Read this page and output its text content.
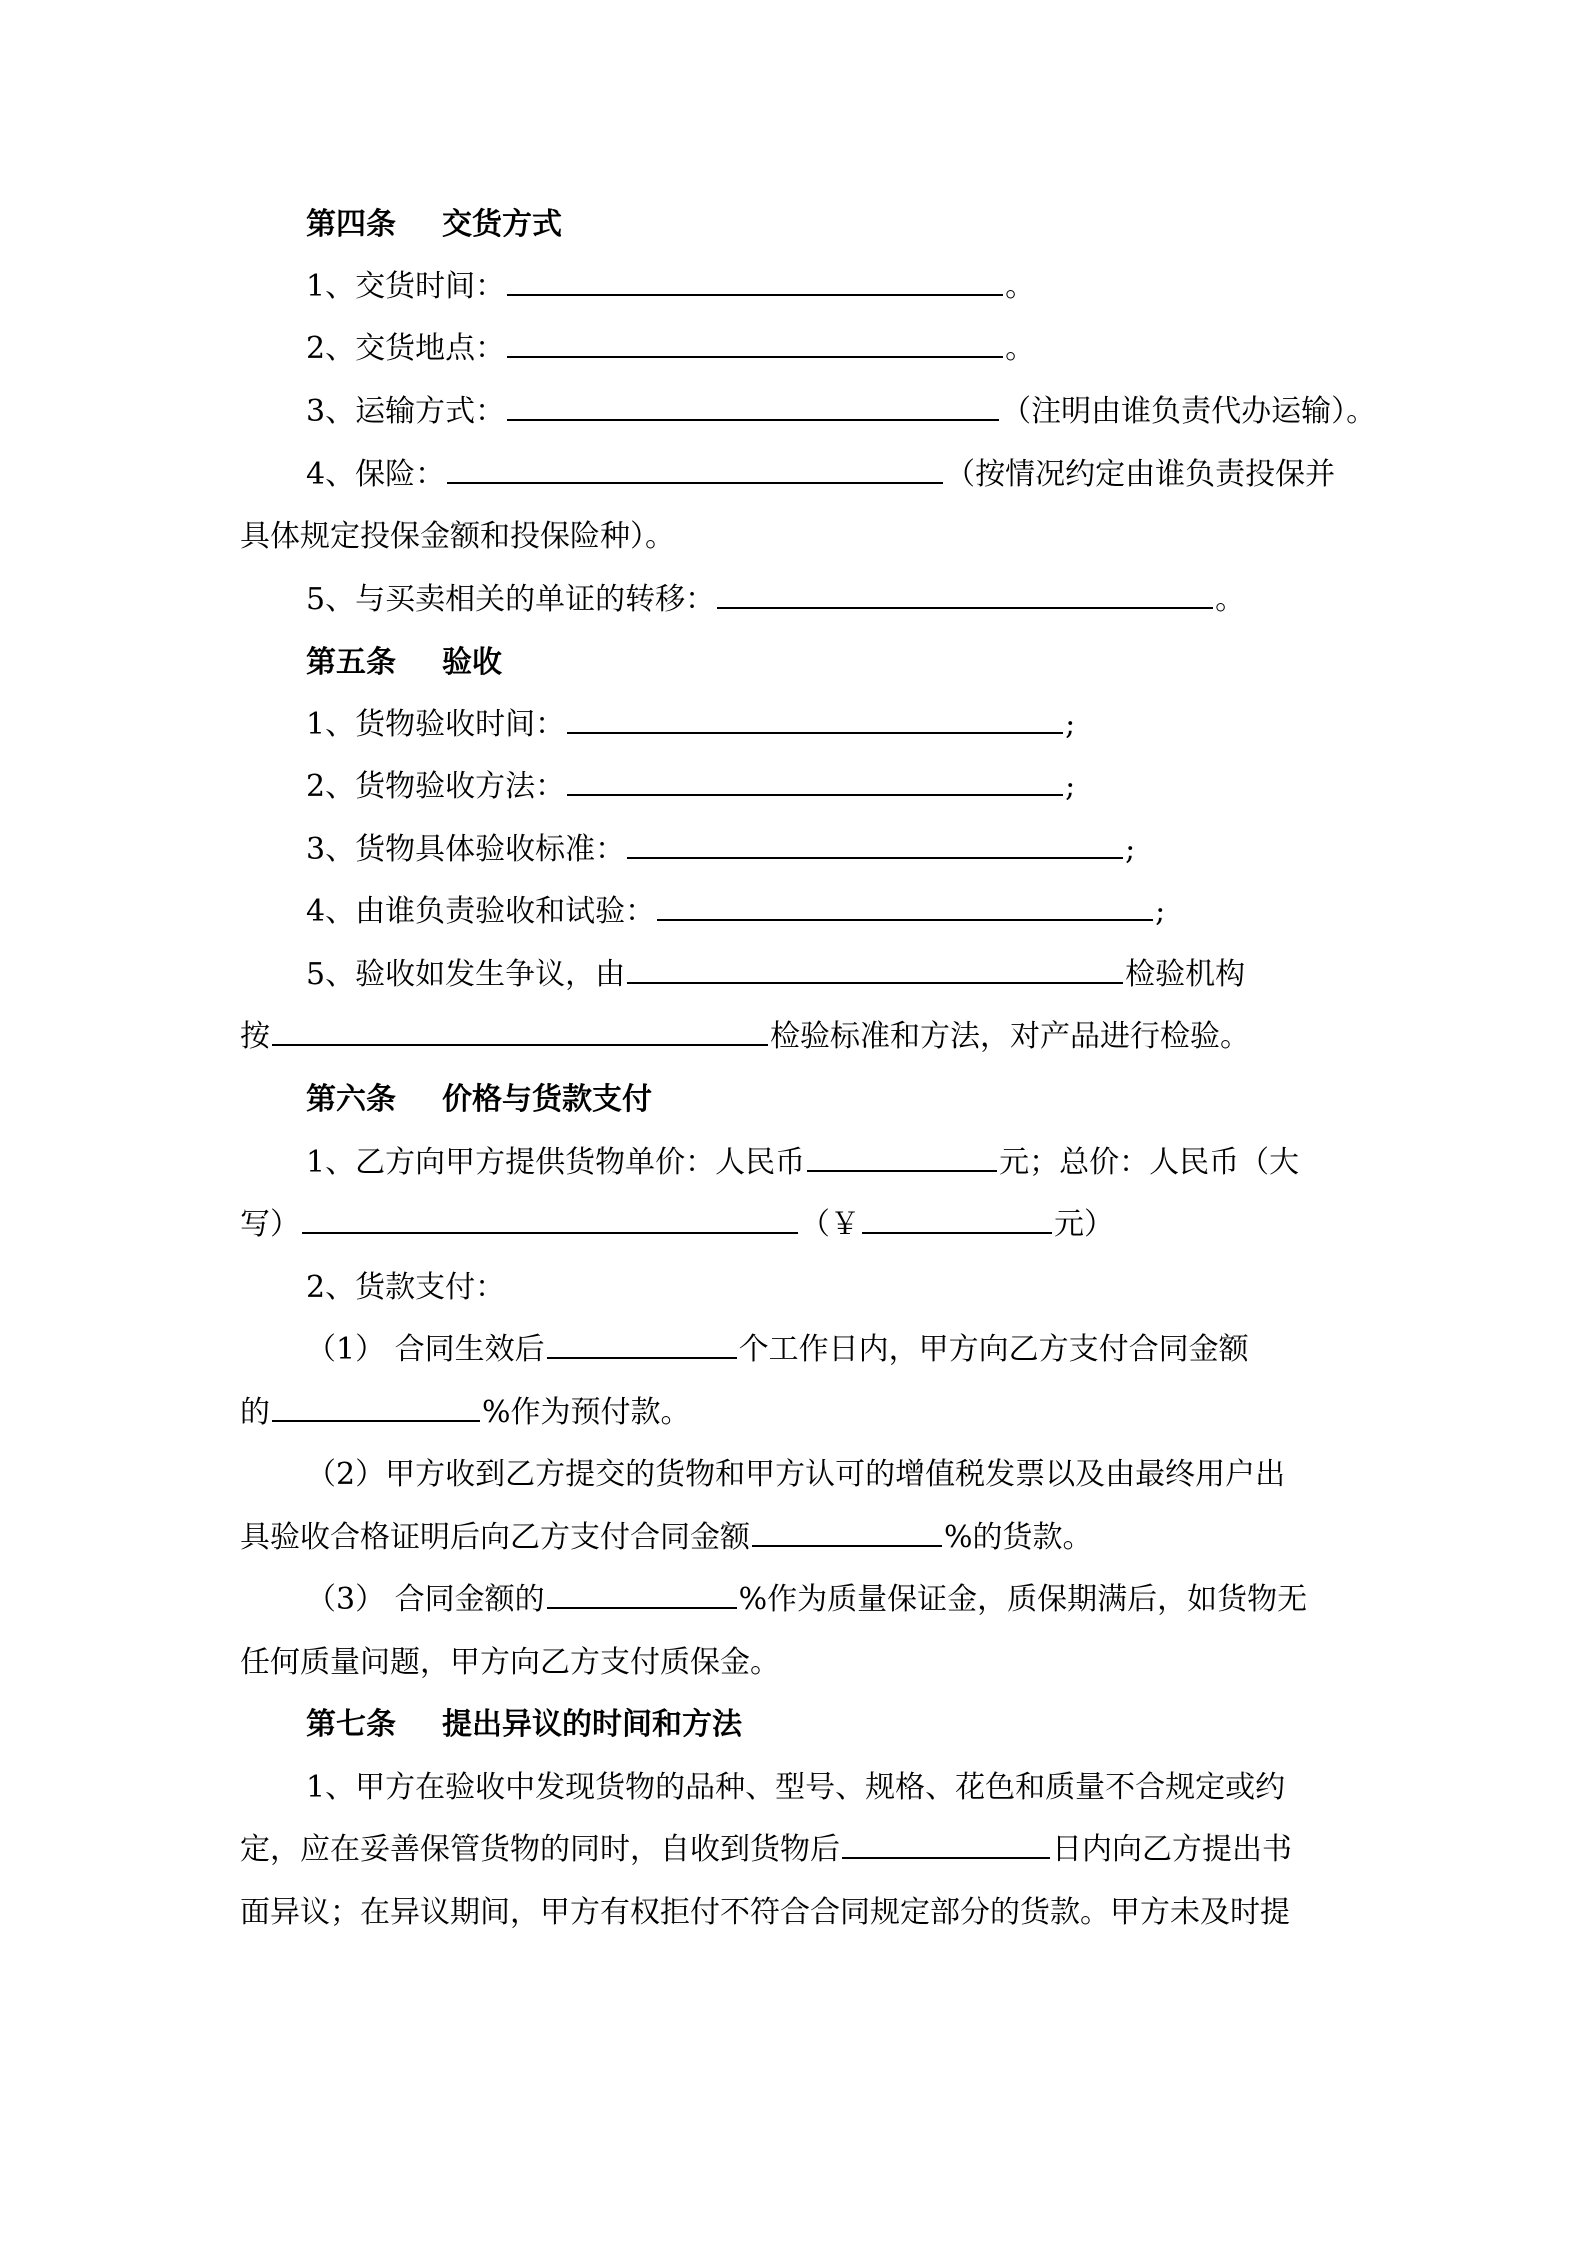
第四条 交货方式
1、交货时间：	。
2、交货地点：	。
3、运输方式：	（注明由谁负责代办运输）。
4、保险：	（按情况约定由谁负责投保并
具体规定投保金额和投保险种）。
5、与买卖相关的单证的转移：	。
第五条 验收
1、货物验收时间：	;
2、货物验收方法：	;
3、货物具体验收标准：	;
4、由谁负责验收和试验：	;
5、验收如发生争议，由	检验机构
按	检验标准和方法，对产品进行检验。
第六条 价格与货款支付
1、乙方向甲方提供货物单价：人民币	元；总价：人民币（大
写）	（￥	元）
2、货款支付：
（1） 合同生效后	个工作日内，甲方向乙方支付合同金额
的	%作为预付款。
（2）甲方收到乙方提交的货物和甲方认可的增值税发票以及由最终用户出
具验收合格证明后向乙方支付合同金额	%的货款。
（3） 合同金额的	%作为质量保证金，质保期满后，如货物无
任何质量问题，甲方向乙方支付质保金。
第七条 提出异议的时间和方法
1、甲方在验收中发现货物的品种、型号、规格、花色和质量不合规定或约
定，应在妥善保管货物的同时，自收到货物后	日内向乙方提出书
面异议；在异议期间，甲方有权拒付不符合合同规定部分的货款。甲方未及时提
